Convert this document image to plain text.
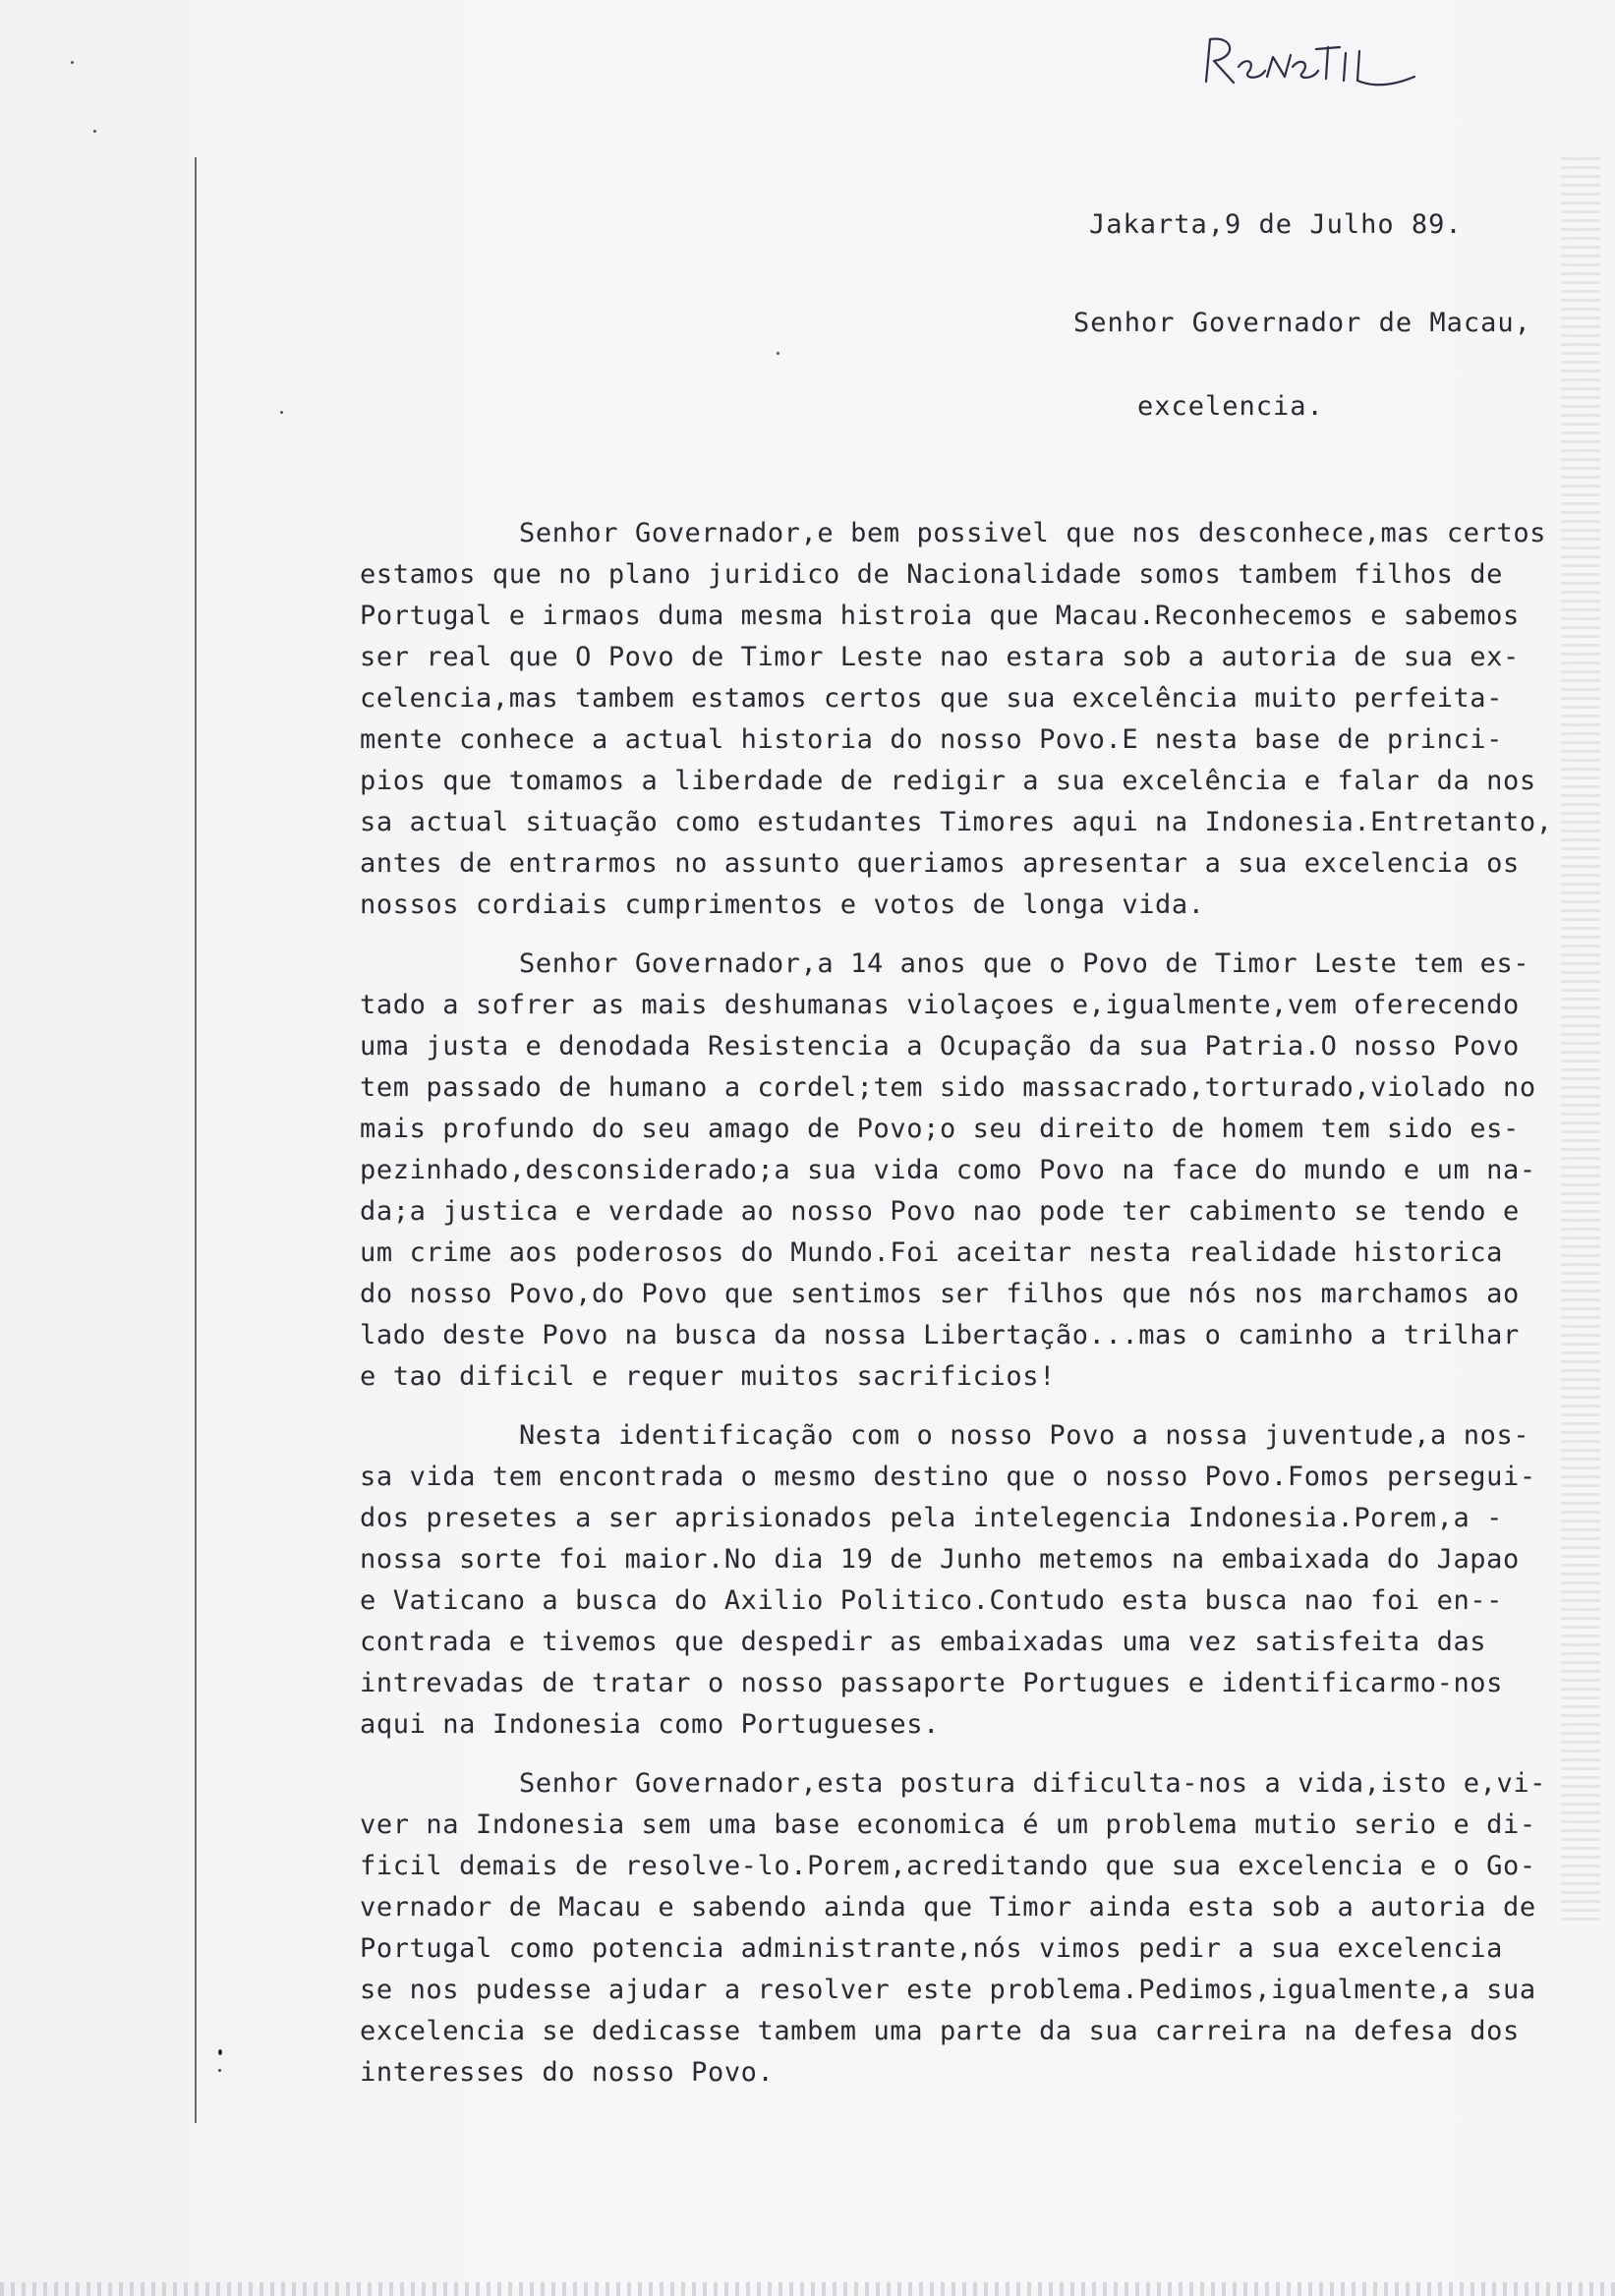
Jakarta,9 de Julho 89.
Senhor Governador de Macau,
excelencia.
Senhor Governador,e bem possivel que nos desconhece,mas certos
estamos que no plano juridico de Nacionalidade somos tambem filhos de
Portugal e irmaos duma mesma histroia que Macau.Reconhecemos e sabemos
ser real que O Povo de Timor Leste nao estara sob a autoria de sua ex-
celencia,mas tambem estamos certos que sua excelência muito perfeita-
mente conhece a actual historia do nosso Povo.E nesta base de princi-
pios que tomamos a liberdade de redigir a sua excelência e falar da nos
sa actual situação como estudantes Timores aqui na Indonesia.Entretanto,
antes de entrarmos no assunto queriamos apresentar a sua excelencia os
nossos cordiais cumprimentos e votos de longa vida.
Senhor Governador,a 14 anos que o Povo de Timor Leste tem es-
tado a sofrer as mais deshumanas violaçoes e,igualmente,vem oferecendo
uma justa e denodada Resistencia a Ocupação da sua Patria.O nosso Povo
tem passado de humano a cordel;tem sido massacrado,torturado,violado no
mais profundo do seu amago de Povo;o seu direito de homem tem sido es-
pezinhado,desconsiderado;a sua vida como Povo na face do mundo e um na-
da;a justica e verdade ao nosso Povo nao pode ter cabimento se tendo e
um crime aos poderosos do Mundo.Foi aceitar nesta realidade historica
do nosso Povo,do Povo que sentimos ser filhos que nós nos marchamos ao
lado deste Povo na busca da nossa Libertação...mas o caminho a trilhar
e tao dificil e requer muitos sacrificios!
Nesta identificação com o nosso Povo a nossa juventude,a nos-
sa vida tem encontrada o mesmo destino que o nosso Povo.Fomos persegui-
dos presetes a ser aprisionados pela intelegencia Indonesia.Porem,a -
nossa sorte foi maior.No dia 19 de Junho metemos na embaixada do Japao
e Vaticano a busca do Axilio Politico.Contudo esta busca nao foi en--
contrada e tivemos que despedir as embaixadas uma vez satisfeita das
intrevadas de tratar o nosso passaporte Portugues e identificarmo-nos
aqui na Indonesia como Portugueses.
Senhor Governador,esta postura dificulta-nos a vida,isto e,vi-
ver na Indonesia sem uma base economica é um problema mutio serio e di-
ficil demais de resolve-lo.Porem,acreditando que sua excelencia e o Go-
vernador de Macau e sabendo ainda que Timor ainda esta sob a autoria de
Portugal como potencia administrante,nós vimos pedir a sua excelencia
se nos pudesse ajudar a resolver este problema.Pedimos,igualmente,a sua
excelencia se dedicasse tambem uma parte da sua carreira na defesa dos
interesses do nosso Povo.
